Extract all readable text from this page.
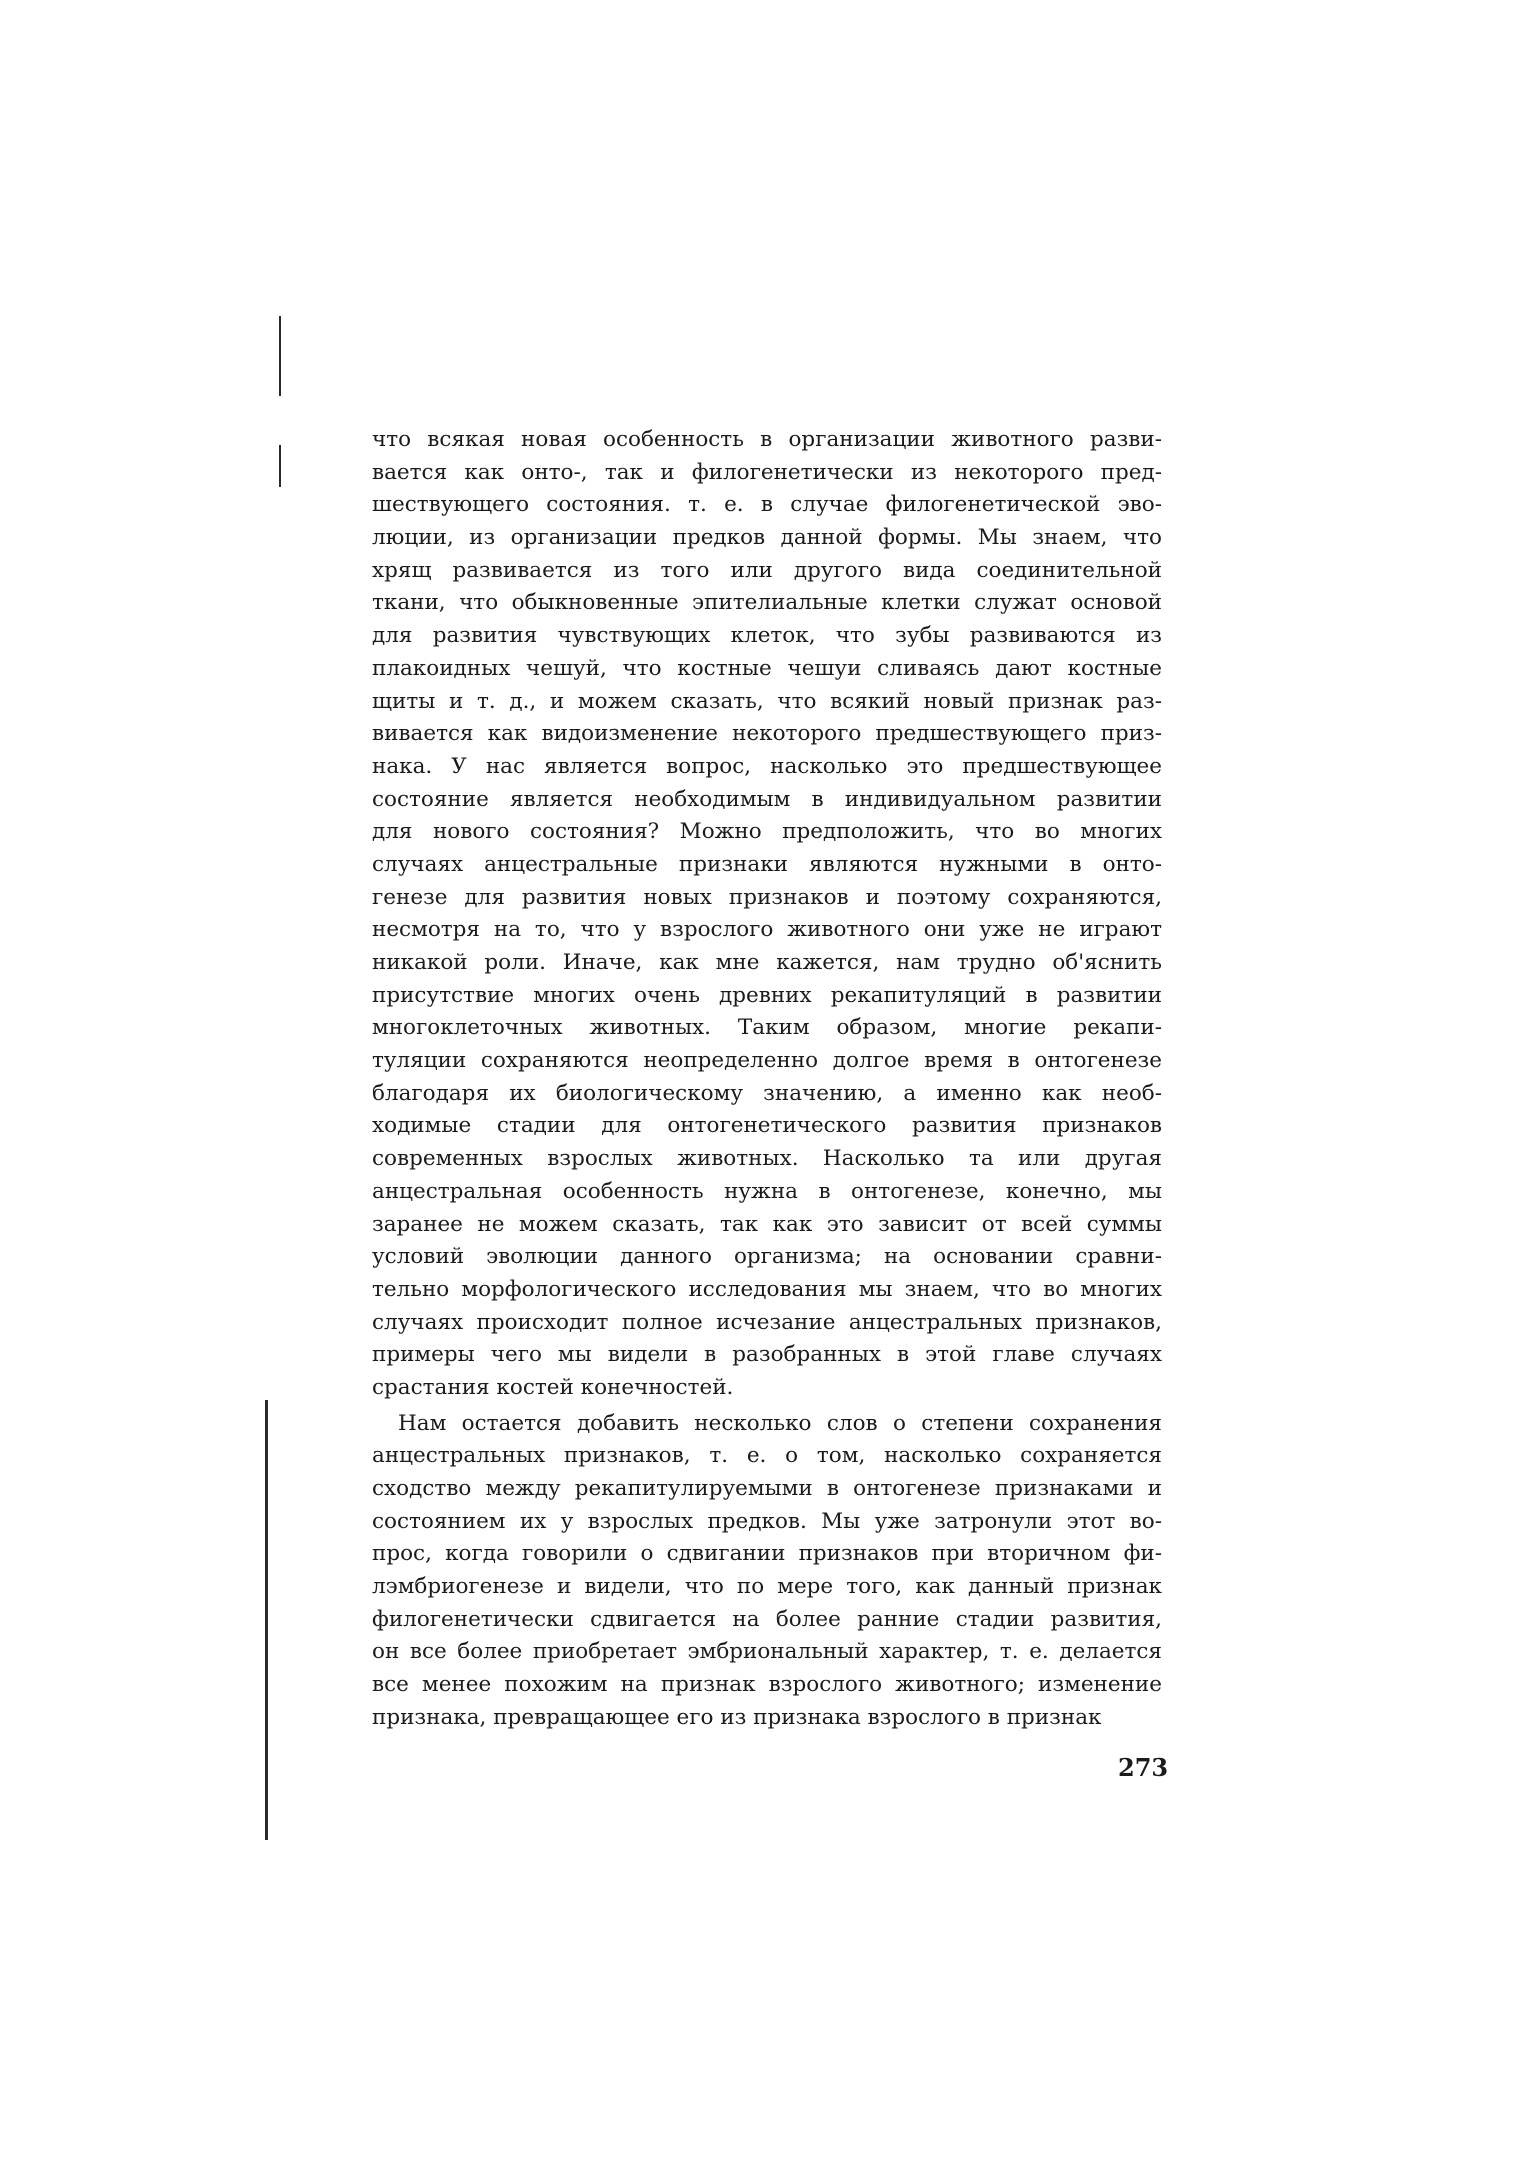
что всякая новая особенность в организации животного разви-
вается как онто-, так и филогенетически из некоторого пред-
шествующего состояния. т. е. в случае филогенетической эво-
люции, из организации предков данной формы. Мы знаем, что
хрящ развивается из того или другого вида соединительной
ткани, что обыкновенные эпителиальные клетки служат основой
для развития чувствующих клеток, что зубы развиваются из
плакоидных чешуй, что костные чешуи сливаясь дают костные
щиты и т. д., и можем сказать, что всякий новый признак раз-
вивается как видоизменение некоторого предшествующего приз-
нака. У нас является вопрос, насколько это предшествующее
состояние является необходимым в индивидуальном развитии
для нового состояния? Можно предположить, что во многих
случаях анцестральные признаки являются нужными в онто-
генезе для развития новых признаков и поэтому сохраняются,
несмотря на то, что у взрослого животного они уже не играют
никакой роли. Иначе, как мне кажется, нам трудно об'яснить
присутствие многих очень древних рекапитуляций в развитии
многоклеточных животных. Таким образом, многие рекапи-
туляции сохраняются неопределенно долгое время в онтогенезе
благодаря их биологическому значению, а именно как необ-
ходимые стадии для онтогенетического развития признаков
современных взрослых животных. Насколько та или другая
анцестральная особенность нужна в онтогенезе, конечно, мы
заранее не можем сказать, так как это зависит от всей суммы
условий эволюции данного организма; на основании сравни-
тельно морфологического исследования мы знаем, что во многих
случаях происходит полное исчезание анцестральных признаков,
примеры чего мы видели в разобранных в этой главе случаях
срастания костей конечностей.
Нам остается добавить несколько слов о степени сохранения
анцестральных признаков, т. е. о том, насколько сохраняется
сходство между рекапитулируемыми в онтогенезе признаками и
состоянием их у взрослых предков. Мы уже затронули этот во-
прос, когда говорили о сдвигании признаков при вторичном фи-
лэмбриогенезе и видели, что по мере того, как данный признак
филогенетически сдвигается на более ранние стадии развития,
он все более приобретает эмбриональный характер, т. е. делается
все менее похожим на признак взрослого животного; изменение
признака, превращающее его из признака взрослого в признак
273
